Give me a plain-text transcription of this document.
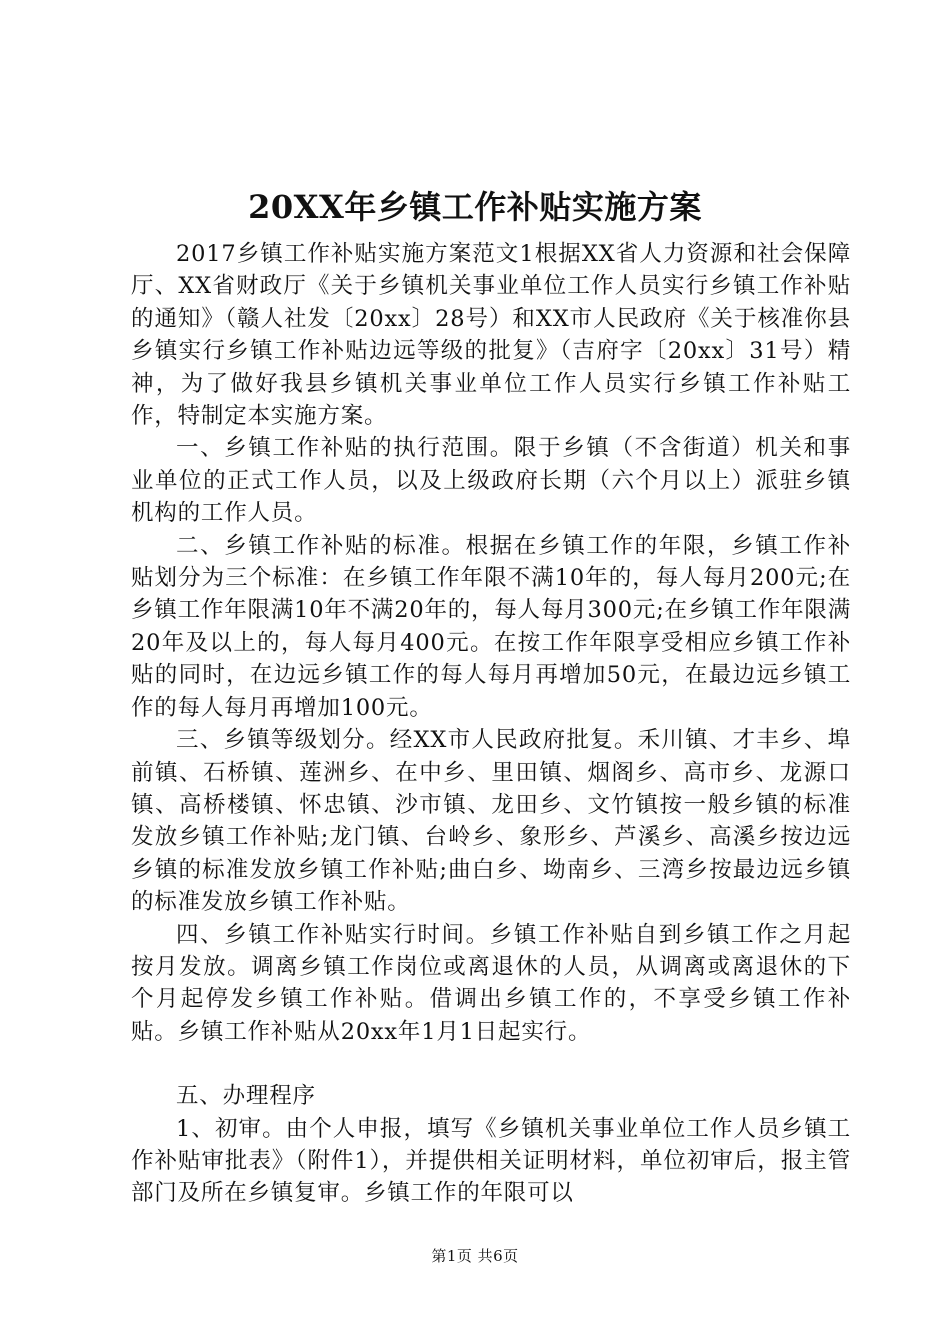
20XX年乡镇工作补贴实施方案

2017乡镇工作补贴实施方案范文1根据XX省人力资源和社会保障厅、XX省财政厅《关于乡镇机关事业单位工作人员实行乡镇工作补贴的通知》（赣人社发〔20xx〕28号）和XX市人民政府《关于核准你县乡镇实行乡镇工作补贴边远等级的批复》（吉府字〔20xx〕31号）精神，为了做好我县乡镇机关事业单位工作人员实行乡镇工作补贴工作，特制定本实施方案。

一、乡镇工作补贴的执行范围。限于乡镇（不含街道）机关和事业单位的正式工作人员，以及上级政府长期（六个月以上）派驻乡镇机构的工作人员。

二、乡镇工作补贴的标准。根据在乡镇工作的年限，乡镇工作补贴划分为三个标准：在乡镇工作年限不满10年的，每人每月200元;在乡镇工作年限满10年不满20年的，每人每月300元;在乡镇工作年限满20年及以上的，每人每月400元。在按工作年限享受相应乡镇工作补贴的同时，在边远乡镇工作的每人每月再增加50元，在最边远乡镇工作的每人每月再增加100元。

三、乡镇等级划分。经XX市人民政府批复。禾川镇、才丰乡、埠前镇、石桥镇、莲洲乡、在中乡、里田镇、烟阁乡、高市乡、龙源口镇、高桥楼镇、怀忠镇、沙市镇、龙田乡、文竹镇按一般乡镇的标准发放乡镇工作补贴;龙门镇、台岭乡、象形乡、芦溪乡、高溪乡按边远乡镇的标准发放乡镇工作补贴;曲白乡、坳南乡、三湾乡按最边远乡镇的标准发放乡镇工作补贴。

四、乡镇工作补贴实行时间。乡镇工作补贴自到乡镇工作之月起按月发放。调离乡镇工作岗位或离退休的人员，从调离或离退休的下个月起停发乡镇工作补贴。借调出乡镇工作的，不享受乡镇工作补贴。乡镇工作补贴从20xx年1月1日起实行。

五、办理程序

1、初审。由个人申报，填写《乡镇机关事业单位工作人员乡镇工作补贴审批表》（附件1），并提供相关证明材料，单位初审后，报主管部门及所在乡镇复审。乡镇工作的年限可以

第1页 共6页
